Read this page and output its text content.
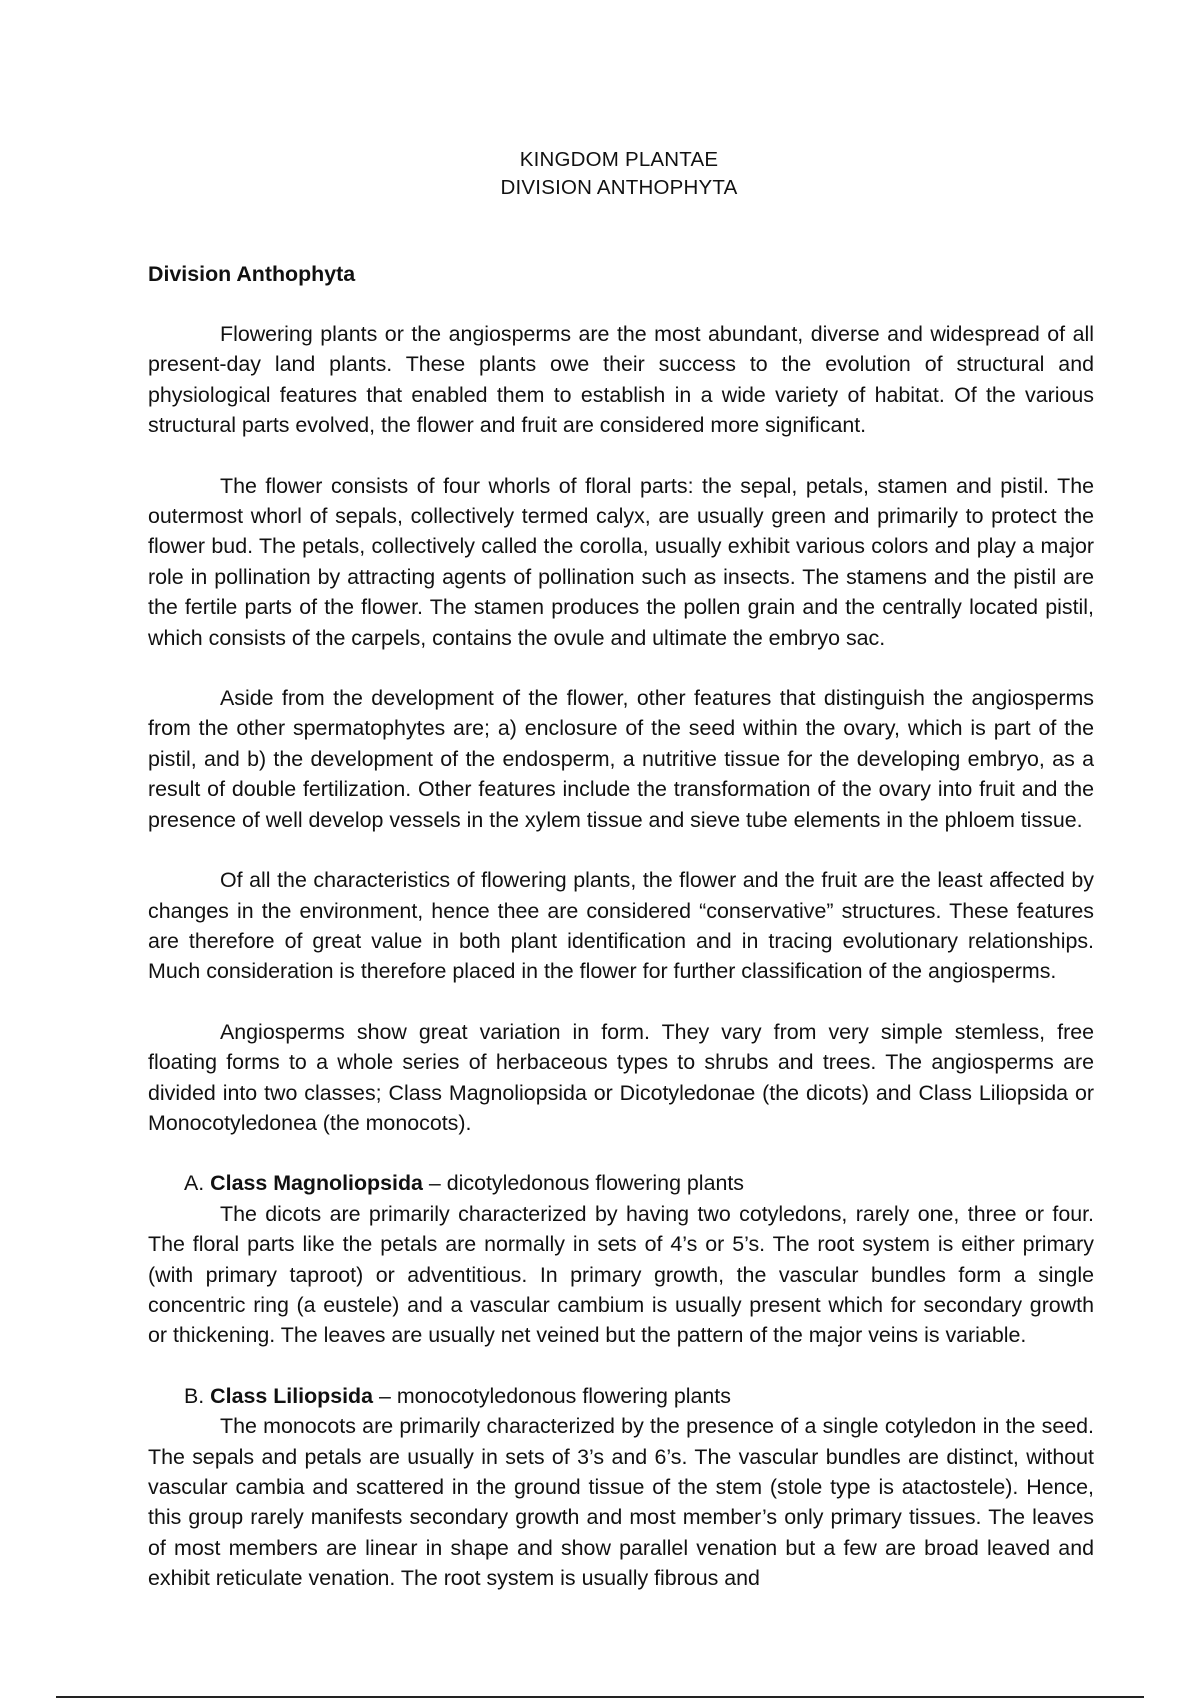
KINGDOM PLANTAE
DIVISION ANTHOPHYTA
Division Anthophyta

Flowering plants or the angiosperms are the most abundant, diverse and widespread of all present-day land plants. These plants owe their success to the evolution of structural and physiological features that enabled them to establish in a wide variety of habitat. Of the various structural parts evolved, the flower and fruit are considered more significant.

The flower consists of four whorls of floral parts: the sepal, petals, stamen and pistil. The outermost whorl of sepals, collectively termed calyx, are usually green and primarily to protect the flower bud. The petals, collectively called the corolla, usually exhibit various colors and play a major role in pollination by attracting agents of pollination such as insects. The stamens and the pistil are the fertile parts of the flower. The stamen produces the pollen grain and the centrally located pistil, which consists of the carpels, contains the ovule and ultimate the embryo sac.

Aside from the development of the flower, other features that distinguish the angiosperms from the other spermatophytes are; a) enclosure of the seed within the ovary, which is part of the pistil, and b) the development of the endosperm, a nutritive tissue for the developing embryo, as a result of double fertilization. Other features include the transformation of the ovary into fruit and the presence of well develop vessels in the xylem tissue and sieve tube elements in the phloem tissue.

Of all the characteristics of flowering plants, the flower and the fruit are the least affected by changes in the environment, hence thee are considered “conservative” structures. These features are therefore of great value in both plant identification and in tracing evolutionary relationships. Much consideration is therefore placed in the flower for further classification of the angiosperms.

Angiosperms show great variation in form. They vary from very simple stemless, free floating forms to a whole series of herbaceous types to shrubs and trees. The angiosperms are divided into two classes; Class Magnoliopsida or Dicotyledonae (the dicots) and Class Liliopsida or Monocotyledonea (the monocots).

A. Class Magnoliopsida – dicotyledonous flowering plants

The dicots are primarily characterized by having two cotyledons, rarely one, three or four. The floral parts like the petals are normally in sets of 4’s or 5’s. The root system is either primary (with primary taproot) or adventitious. In primary growth, the vascular bundles form a single concentric ring (a eustele) and a vascular cambium is usually present which for secondary growth or thickening. The leaves are usually net veined but the pattern of the major veins is variable.

B. Class Liliopsida – monocotyledonous flowering plants

The monocots are primarily characterized by the presence of a single cotyledon in the seed. The sepals and petals are usually in sets of 3’s and 6’s. The vascular bundles are distinct, without vascular cambia and scattered in the ground tissue of the stem (stole type is atactostele). Hence, this group rarely manifests secondary growth and most member’s only primary tissues. The leaves of most members are linear in shape and show parallel venation but a few are broad leaved and exhibit reticulate venation. The root system is usually fibrous and
